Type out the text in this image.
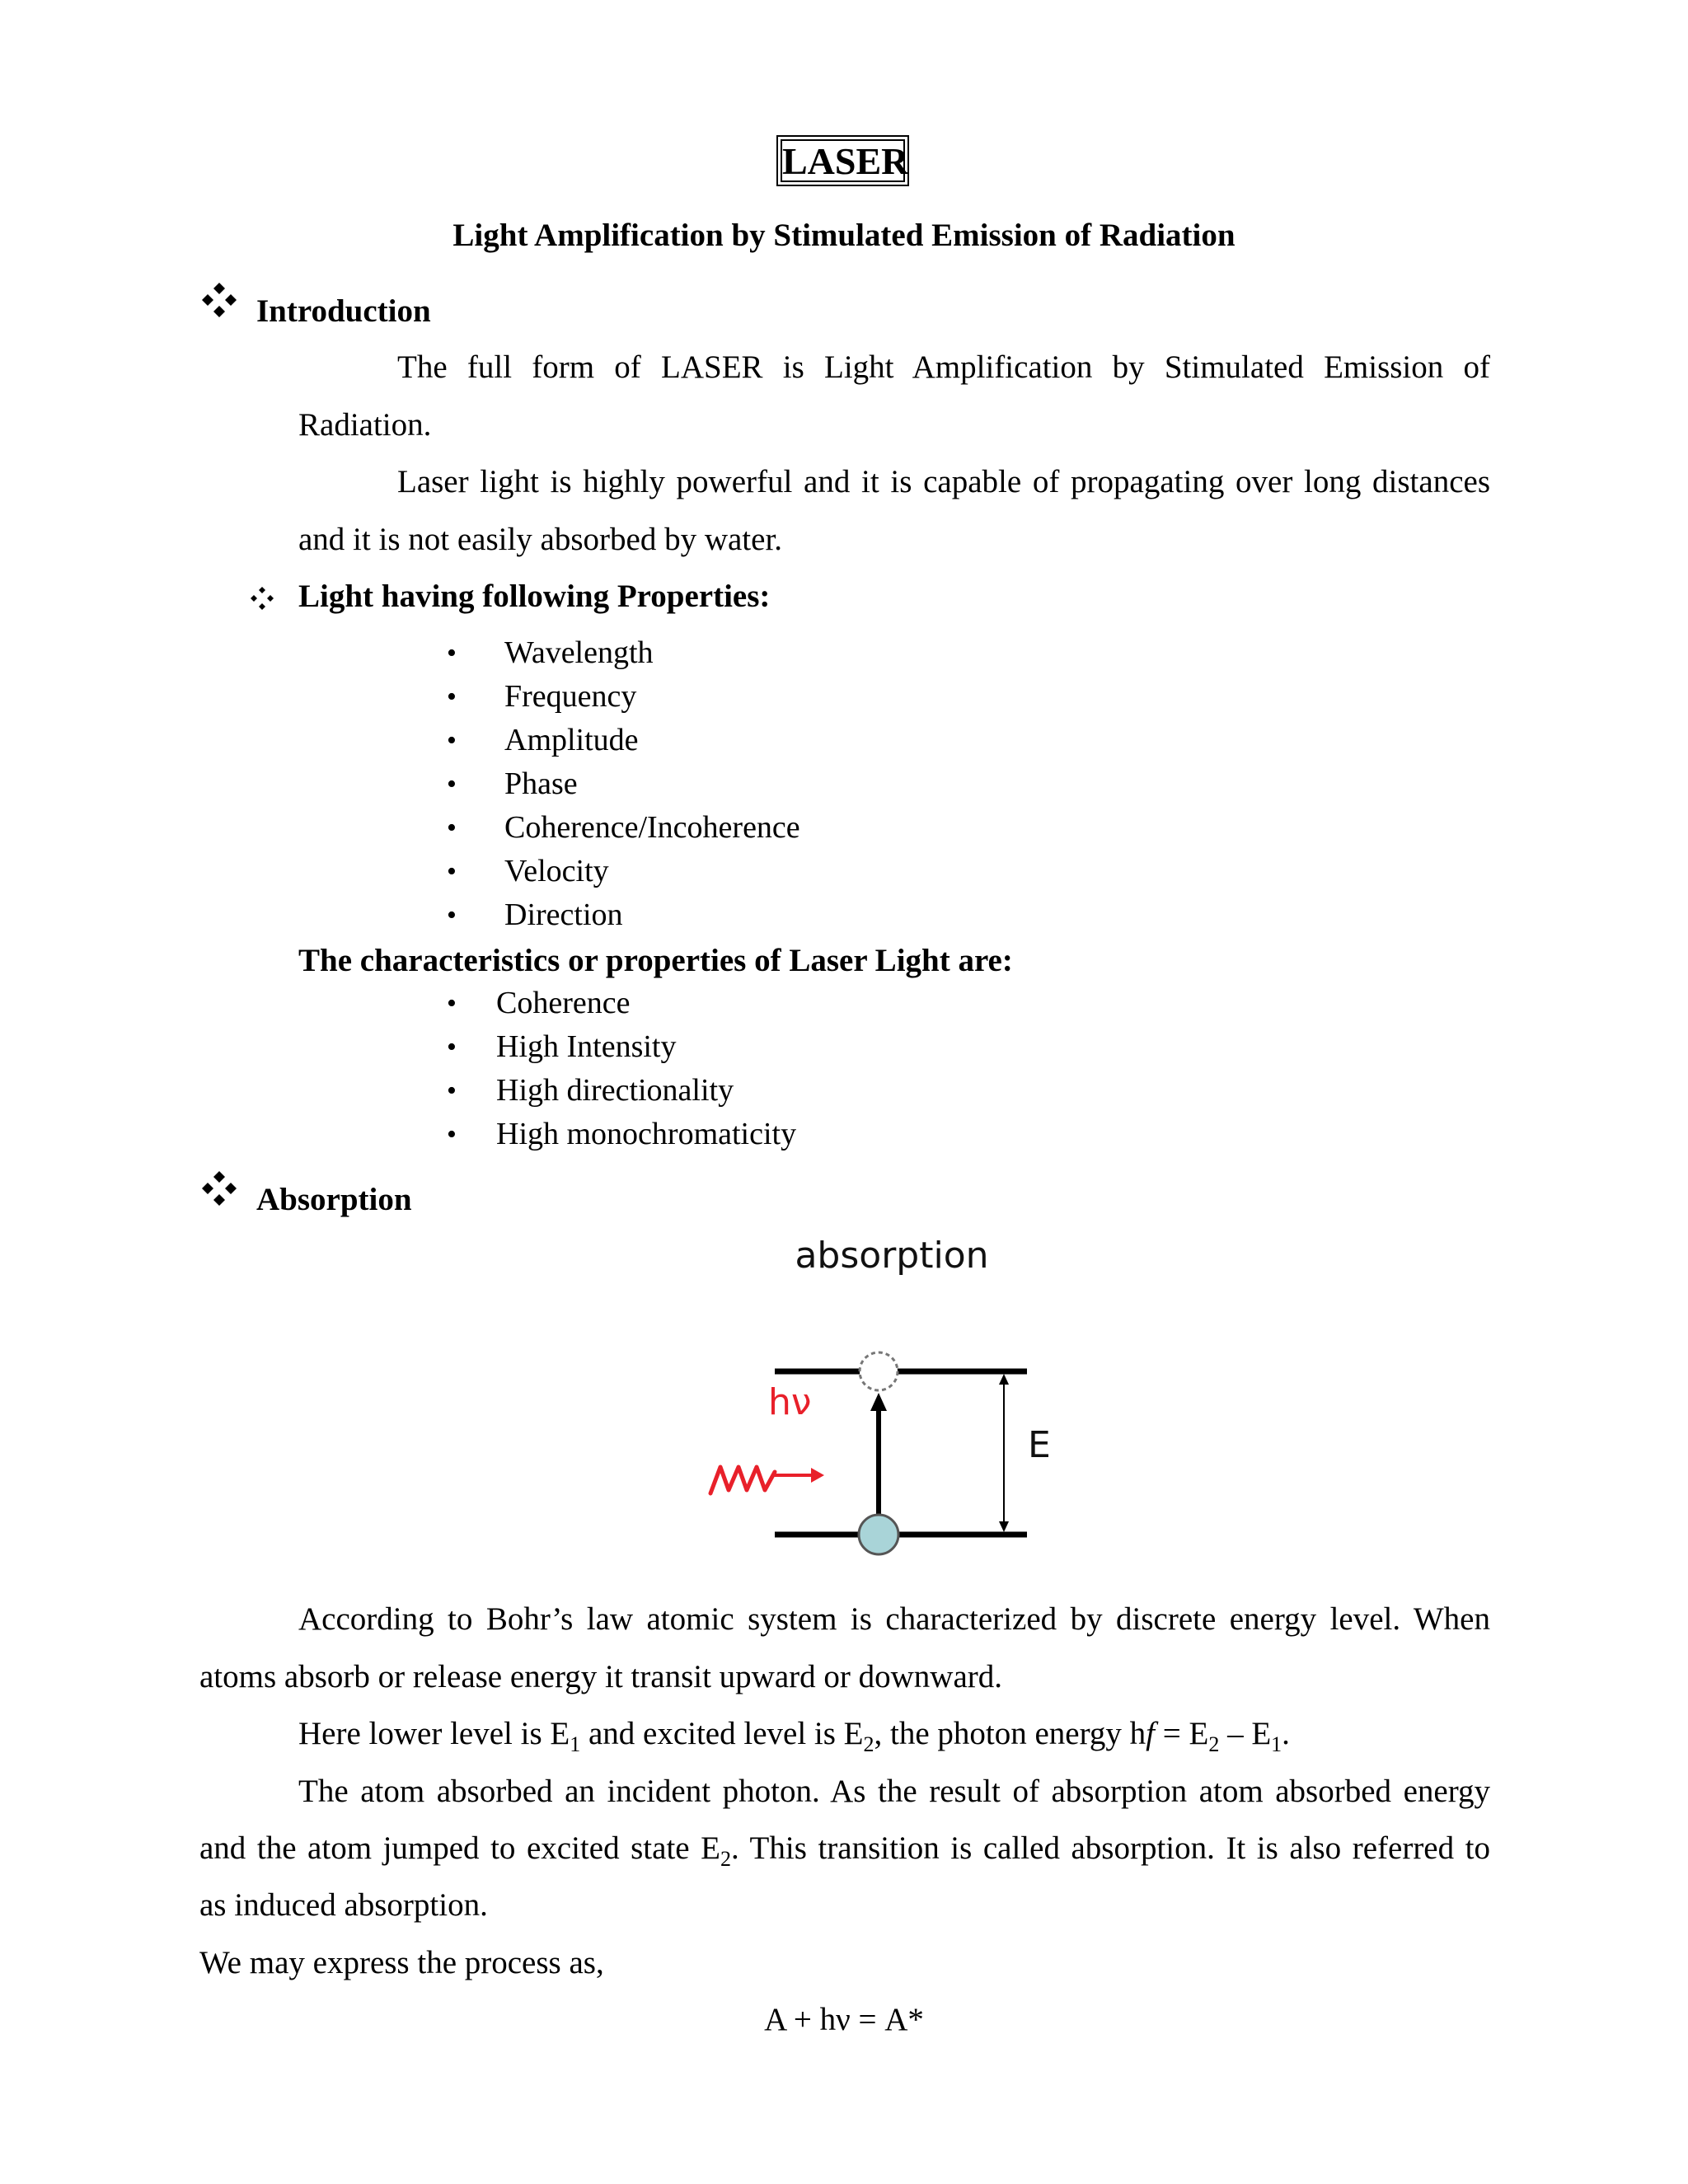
LASER
Light Amplification by Stimulated Emission of Radiation
Introduction
The full form of LASER is Light Amplification by Stimulated Emission of
Radiation.
Laser light is highly powerful and it is capable of propagating over long distances
and it is not easily absorbed by water.
Light having following Properties:
• Wavelength
• Frequency
• Amplitude
• Phase
• Coherence/Incoherence
• Velocity
• Direction
The characteristics or properties of Laser Light are:
• Coherence
• High Intensity
• High directionality
• High monochromaticity
Absorption
absorption
E
hν
According to Bohr’s law atomic system is characterized by discrete energy level. When
atoms absorb or release energy it transit upward or downward.
Here lower level is $E_1$ and excited level is $E_2$, the photon energy hf = $E_2 - E_1$.
The atom absorbed an incident photon. As the result of absorption atom absorbed energy
and the atom jumped to excited state $E_2$. This transition is called absorption. It is also referred to
as induced absorption.
We may express the process as,
A + hν = A*
